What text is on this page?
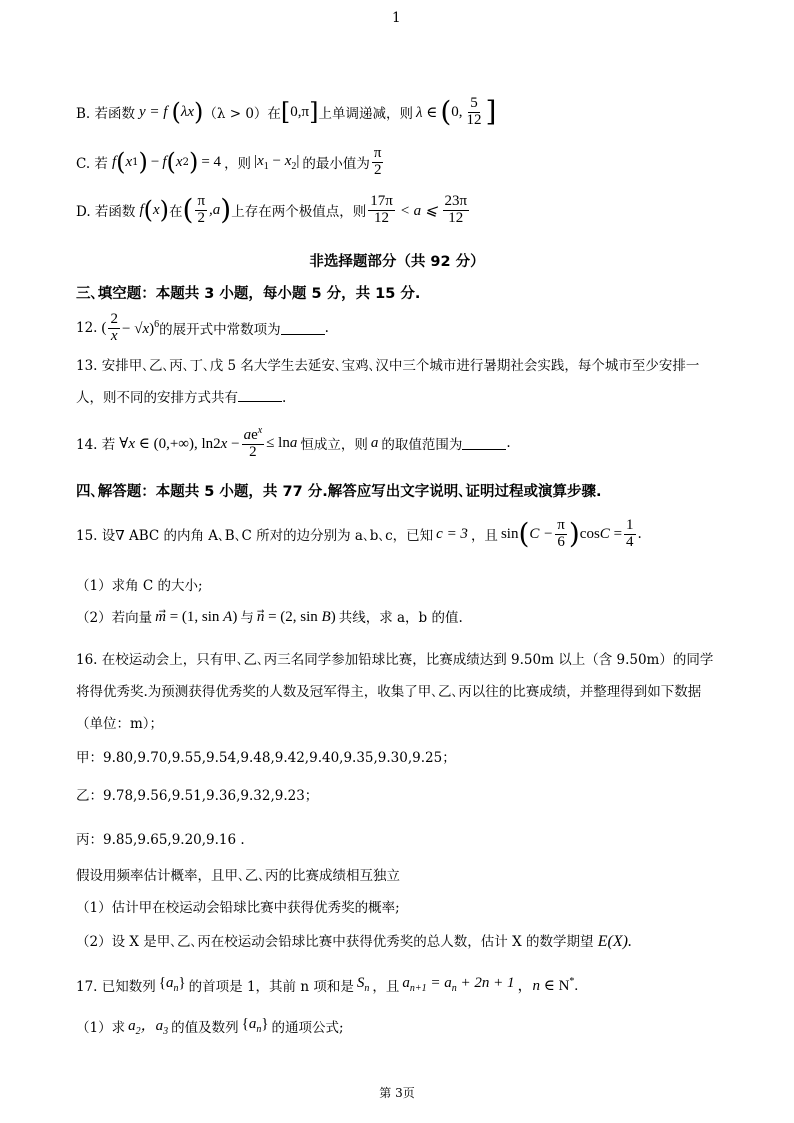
1
B. 若函数 y = f ( λx ) （λ > 0）在 [ 0,π ] 上单调递减，则 λ ∈ ( 0, $\frac{5}{12}$ ]
C. 若 f ( x 1 ) − f ( x 2 ) = 4 ，则 $|x_1 - x_2|$ 的最小值为 $\frac{\pi}{2}$
D. 若函数 f ( x ) 在 ( $\frac{\pi}{2} ,a$ ) 上存在两个极值点，则 $\frac{17\pi}{12} < a$ ⩽ $\frac{23\pi}{12}$
非选择题部分（共 92 分）
三､填空题：本题共 3 小题，每小题 5 分，共 15 分.
12. ( $\frac{2}{x} - √x)^6$ 的展开式中常数项为	.
13. 安排甲､乙､丙､丁､戊 5 名大学生去延安､宝鸡､汉中三个城市进行暑期社会实践，每个城市至少安排一
人，则不同的安排方式共有	.
14. 若 ∀x ∈ (0,+∞), $\ln 2x - \frac{ae^x}{2} \le \ln a$ 恒成立，则 a 的取值范围为	.
四､解答题：本题共 5 小题，共 77 分.解答应写出文字说明､证明过程或演算步骤.
15. 设∇ ABC 的内角 A､B､C 所对的边分别为 a､b､c，已知 c = 3 ，且 sin ( $C - \frac{\pi}{6}$ ) $\cos C = \frac{1}{4}$ .
（1）求角 C 的大小;
（2）若向量 m⃗ = (1, sin A) 与 n⃗ = (2, sin B) 共线，求 a，b 的值.
16. 在校运动会上，只有甲､乙､丙三名同学参加铅球比赛，比赛成绩达到 9.50m 以上（含 9.50m）的同学
将得优秀奖.为预测获得优秀奖的人数及冠军得主，收集了甲､乙､丙以往的比赛成绩，并整理得到如下数据
（单位：m）；
甲：9.80,9.70,9.55,9.54,9.48,9.42,9.40,9.35,9.30,9.25；
乙：9.78,9.56,9.51,9.36,9.32,9.23；
丙：9.85,9.65,9.20,9.16 .
假设用频率估计概率，且甲､乙､丙的比赛成绩相互独立
（1）估计甲在校运动会铅球比赛中获得优秀奖的概率;
（2）设 X 是甲､乙､丙在校运动会铅球比赛中获得优秀奖的总人数，估计 X 的数学期望 E(X).
17. 已知数列 $\{a_n\}$ 的首项是 1，其前 n 项和是 $S_n$ ，且 $a_{n+1} = a_n + 2n + 1$ ，n ∈ N*.
（1）求 $a_2$，$a_3$ 的值及数列 $\{a_n\}$ 的通项公式;
第 3页
